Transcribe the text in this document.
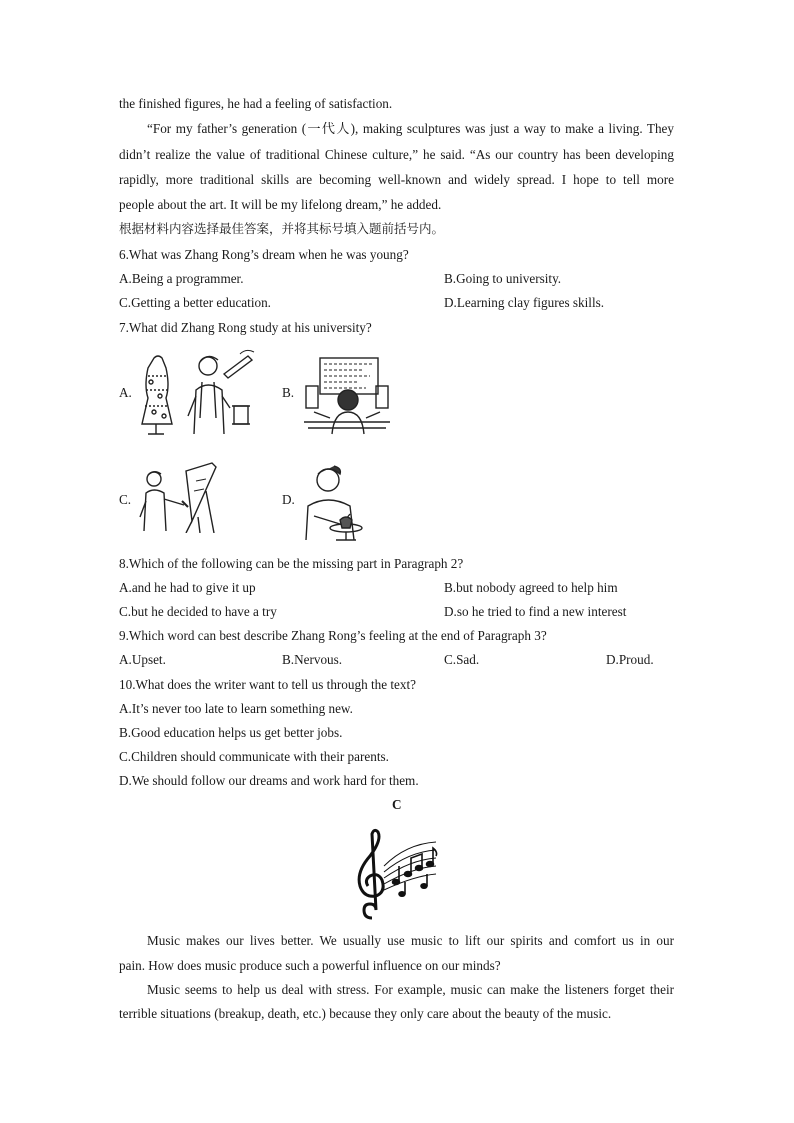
the finished figures, he had a feeling of satisfaction.
“For my father’s generation (一代人), making sculptures was just a way to make a living. They
didn’t realize the value of traditional Chinese culture,” he said. “As our country has been developing
rapidly, more traditional skills are becoming well-known and widely spread. I hope to tell more
people about the art. It will be my lifelong dream,” he added.
根据材料内容选择最佳答案，并将其标号填入题前括号内。
6.What was Zhang Rong’s dream when he was young?
A.Being a programmer.	B.Going to university.
C.Getting a better education.	D.Learning clay figures skills.
7.What did Zhang Rong study at his university?
A.	B.
C.	D.
8.Which of the following can be the missing part in Paragraph 2?
A.and he had to give it up	B.but nobody agreed to help him
C.but he decided to have a try	D.so he tried to find a new interest
9.Which word can best describe Zhang Rong’s feeling at the end of Paragraph 3?
A.Upset.	B.Nervous.	C.Sad.	D.Proud.
10.What does the writer want to tell us through the text?
A.It’s never too late to learn something new.
B.Good education helps us get better jobs.
C.Children should communicate with their parents.
D.We should follow our dreams and work hard for them.
C
Music makes our lives better. We usually use music to lift our spirits and comfort us in our
pain. How does music produce such a powerful influence on our minds?
Music seems to help us deal with stress. For example, music can make the listeners forget their
terrible situations (breakup, death, etc.) because they only care about the beauty of the music.
